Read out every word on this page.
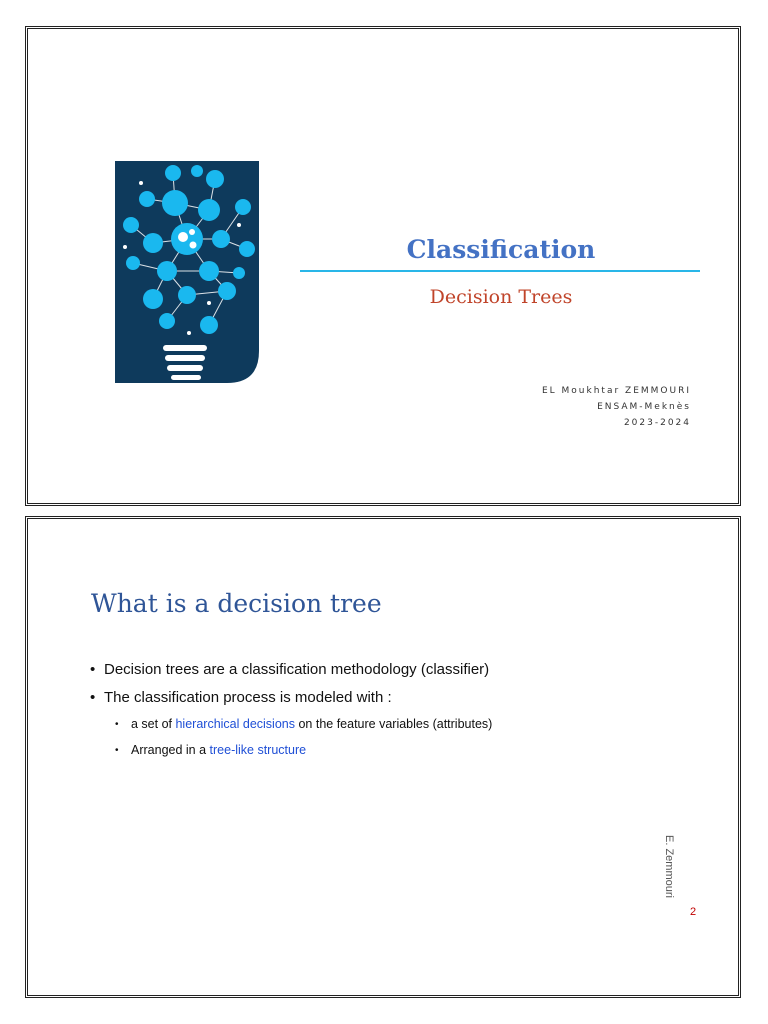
Classification
Decision Trees
EL Moukhtar ZEMMOURI
ENSAM-Meknès
2023-2024
What is a decision tree
• Decision trees are a classification methodology (classifier)
• The classification process is modeled with :
• a set of hierarchical decisions on the feature variables (attributes)
• Arranged in a tree-like structure
E. Zemmouri
2
